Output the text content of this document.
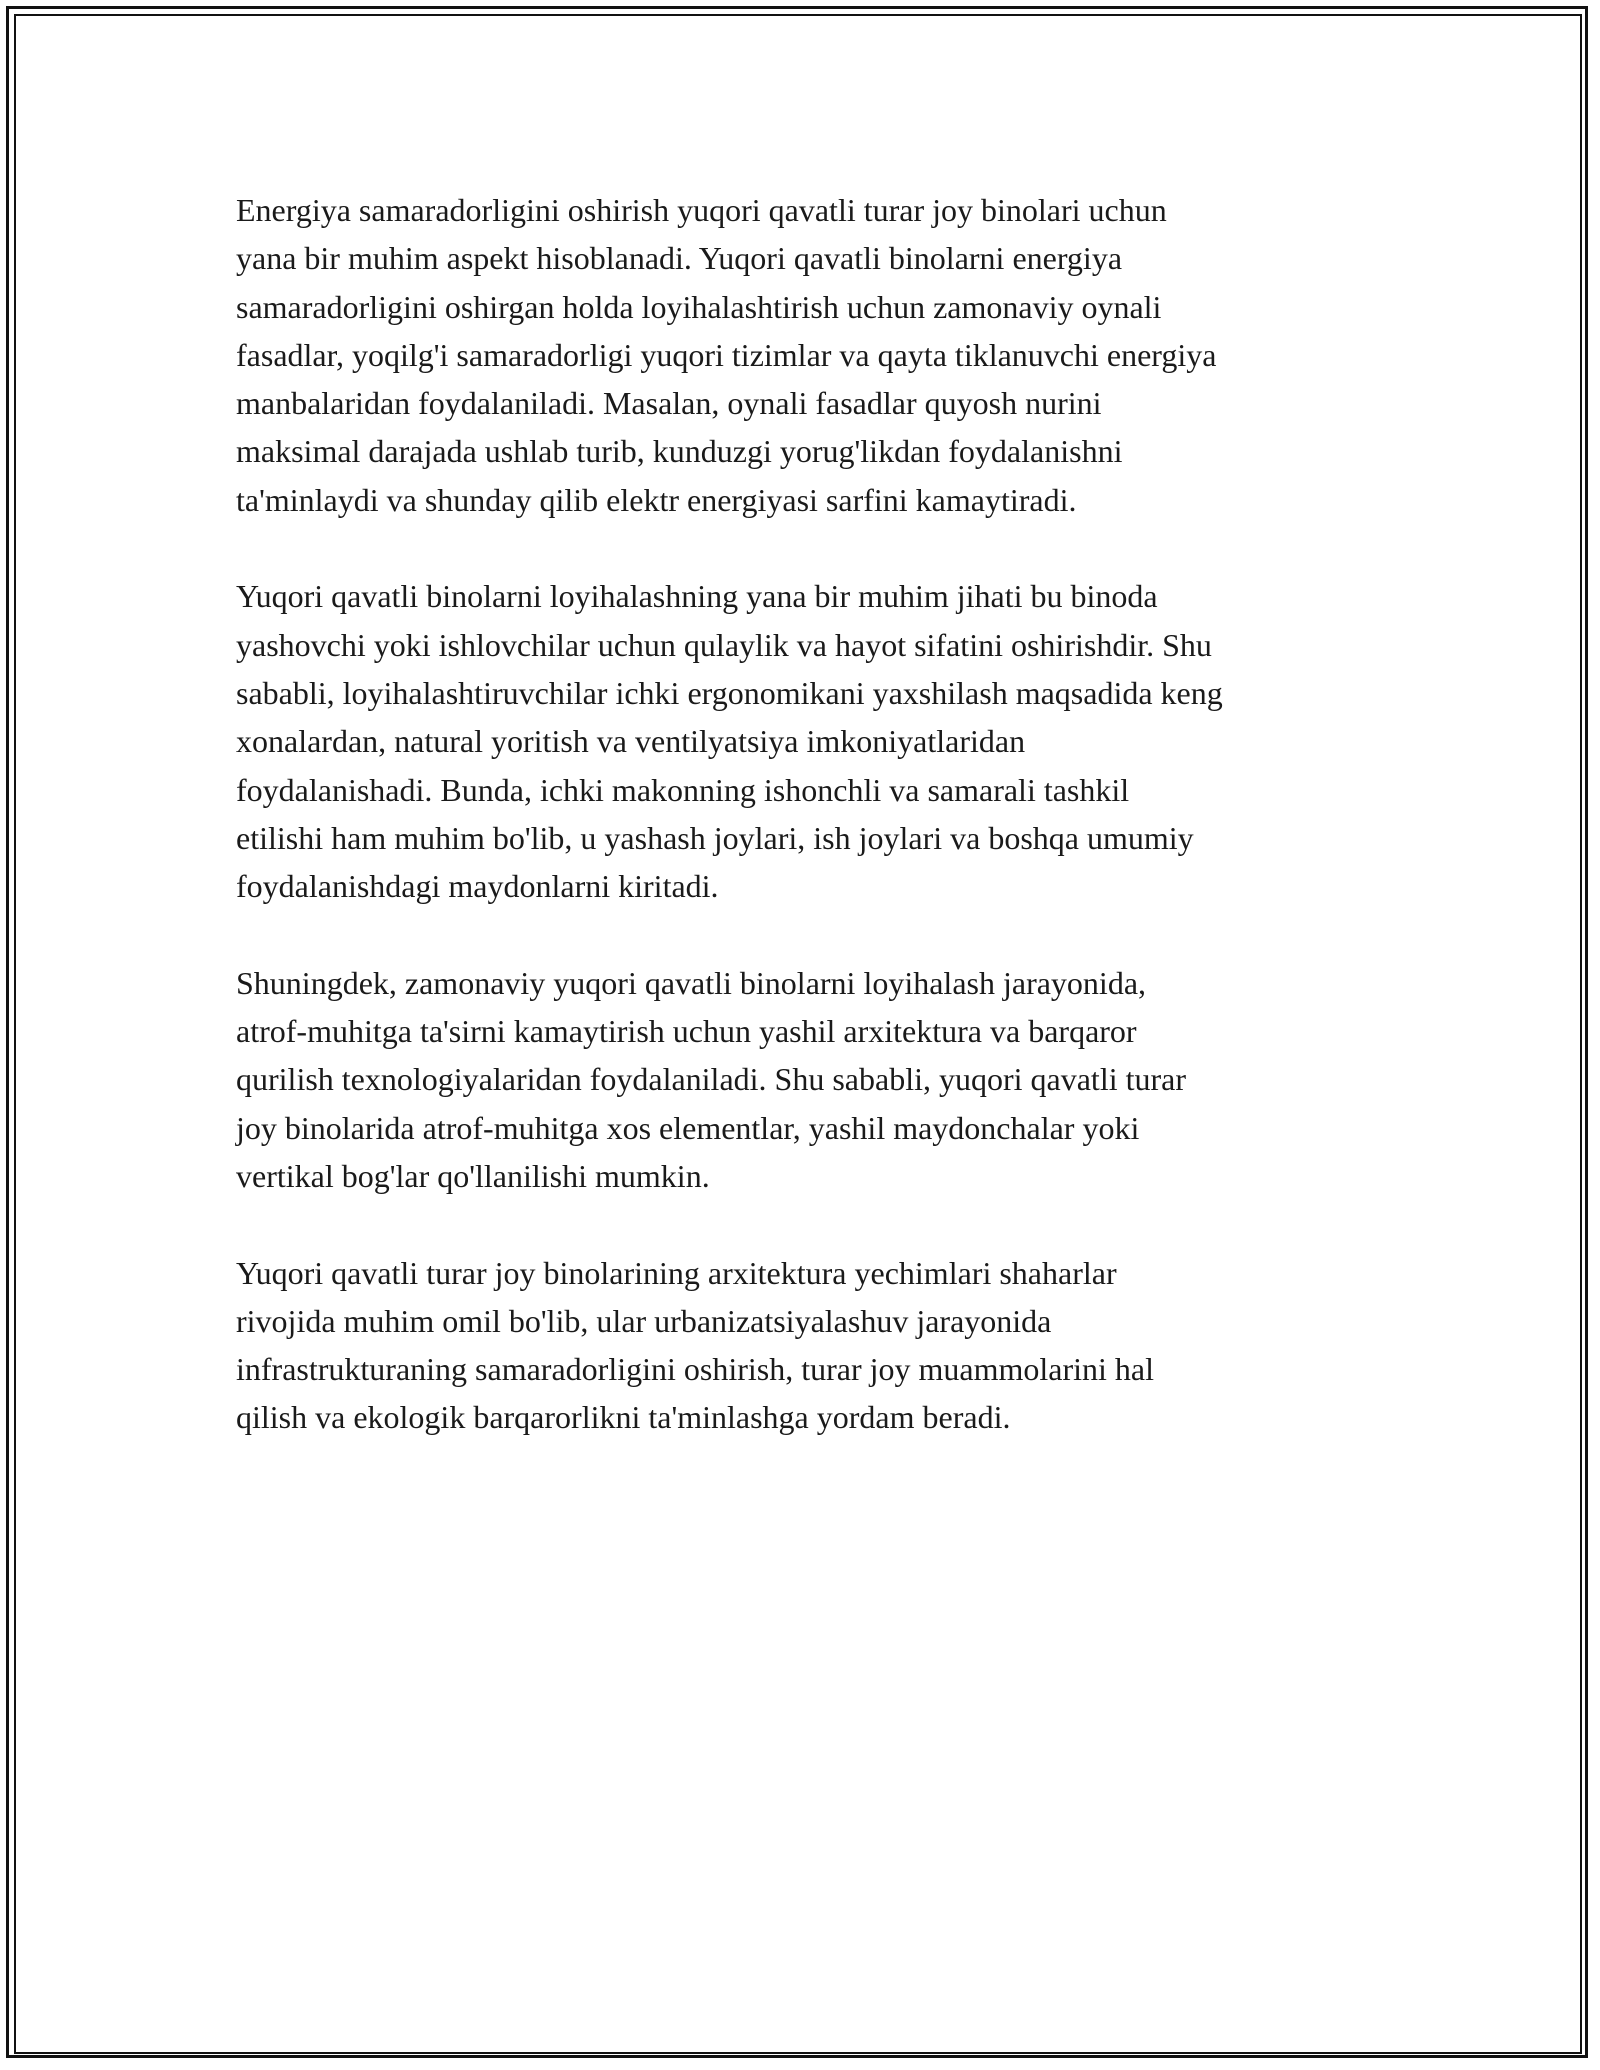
Energiya samaradorligini oshirish yuqori qavatli turar joy binolari uchun
yana bir muhim aspekt hisoblanadi. Yuqori qavatli binolarni energiya
samaradorligini oshirgan holda loyihalashtirish uchun zamonaviy oynali
fasadlar, yoqilg'i samaradorligi yuqori tizimlar va qayta tiklanuvchi energiya
manbalaridan foydalaniladi. Masalan, oynali fasadlar quyosh nurini
maksimal darajada ushlab turib, kunduzgi yorug'likdan foydalanishni
ta'minlaydi va shunday qilib elektr energiyasi sarfini kamaytiradi.

Yuqori qavatli binolarni loyihalashning yana bir muhim jihati bu binoda
yashovchi yoki ishlovchilar uchun qulaylik va hayot sifatini oshirishdir. Shu
sababli, loyihalashtiruvchilar ichki ergonomikani yaxshilash maqsadida keng
xonalardan, natural yoritish va ventilyatsiya imkoniyatlaridan
foydalanishadi. Bunda, ichki makonning ishonchli va samarali tashkil
etilishi ham muhim bo'lib, u yashash joylari, ish joylari va boshqa umumiy
foydalanishdagi maydonlarni kiritadi.

Shuningdek, zamonaviy yuqori qavatli binolarni loyihalash jarayonida,
atrof-muhitga ta'sirni kamaytirish uchun yashil arxitektura va barqaror
qurilish texnologiyalaridan foydalaniladi. Shu sababli, yuqori qavatli turar
joy binolarida atrof-muhitga xos elementlar, yashil maydonchalar yoki
vertikal bog'lar qo'llanilishi mumkin.

Yuqori qavatli turar joy binolarining arxitektura yechimlari shaharlar
rivojida muhim omil bo'lib, ular urbanizatsiyalashuv jarayonida
infrastrukturaning samaradorligini oshirish, turar joy muammolarini hal
qilish va ekologik barqarorlikni ta'minlashga yordam beradi.
